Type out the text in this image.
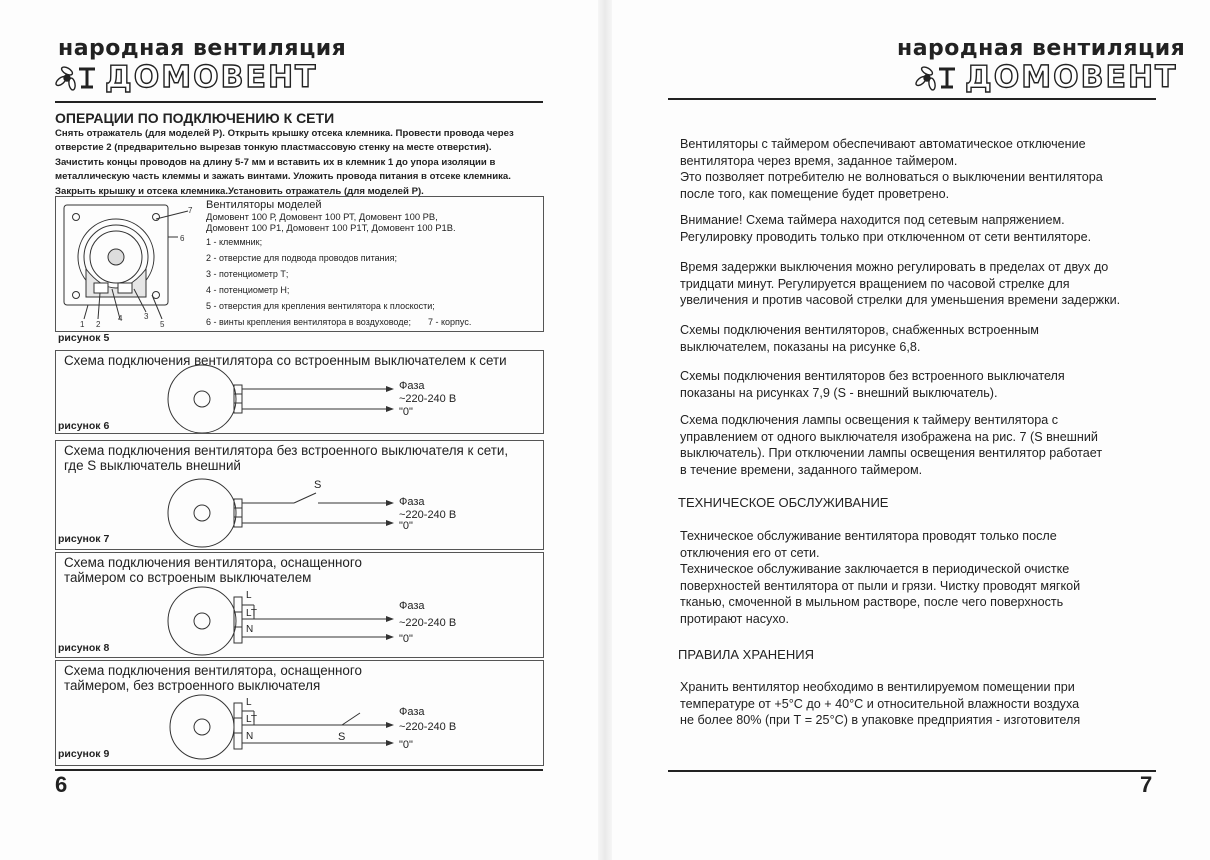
народная вентиляция
ДОМОВЕНТ
ОПЕРАЦИИ ПО ПОДКЛЮЧЕНИЮ К СЕТИ
Снять отражатель (для моделей Р). Открыть крышку отсека клемника. Провести провода через
отверстие 2 (предварительно вырезав тонкую пластмассовую стенку на месте отверстия).
Зачистить концы проводов на длину 5-7 мм и вставить их в клемник 1 до упора изоляции в
металлическую часть клеммы и зажать винтами. Уложить провода питания в отсеке клемника.
Закрыть крышку и отсека клемника.Установить отражатель (для моделей Р).
6
7
1 2
4	3
5
Вентиляторы моделей
Домовент 100 Р, Домовент 100 РТ, Домовент 100 РВ,
Домовент 100 Р1, Домовент 100 Р1Т, Домовент 100 Р1В.
1 - клеммник;
2 - отверстие для подвода проводов питания;
3 - потенциометр Т;
4 - потенциометр Н;
5 - отверстия для крепления вентилятора к плоскости;
6 - винты крепления вентилятора в воздуховоде; 7 - корпус.
рисунок 5
Схема подключения вентилятора со встроенным выключателем к сети
Фаза
~220-240 В
"0"
рисунок 6
Схема подключения вентилятора без встроенного выключателя к сети,
где S выключатель внешний
S
Фаза
~220-240 В
"0"
рисунок 7
Схема подключения вентилятора, оснащенного
таймером со встроеным выключателем
L
LT
N
Фаза
~220-240 В
"0"
рисунок 8
Схема подключения вентилятора, оснащенного
таймером, без встроенного выключателя
L
LT
N	S
Фаза
~220-240 В
"0"
рисунок 9
6
народная вентиляция
ДОМОВЕНТ
Вентиляторы с таймером обеспечивают автоматическое отключение
вентилятора через время, заданное таймером.
Это позволяет потребителю не волноваться о выключении вентилятора
после того, как помещение будет проветрено.
Внимание! Схема таймера находится под сетевым напряжением.
Регулировку проводить только при отключенном от сети вентиляторе.
Время задержки выключения можно регулировать в пределах от двух до
тридцати минут. Регулируется вращением по часовой стрелке для
увеличения и против часовой стрелки для уменьшения времени задержки.
Схемы подключения вентиляторов, снабженных встроенным
выключателем, показаны на рисунке 6,8.
Схемы подключения вентиляторов без встроенного выключателя
показаны на рисунках 7,9 (S - внешний выключатель).
Схема подключения лампы освещения к таймеру вентилятора с
управлением от одного выключателя изображена на рис. 7 (S внешний
выключатель). При отключении лампы освещения вентилятор работает
в течение времени, заданного таймером.
ТЕХНИЧЕСКОЕ ОБСЛУЖИВАНИЕ
Техническое обслуживание вентилятора проводят только после
отключения его от сети.
Техническое обслуживание заключается в периодической очистке
поверхностей вентилятора от пыли и грязи. Чистку проводят мягкой
тканью, смоченной в мыльном растворе, после чего поверхность
протирают насухо.
ПРАВИЛА ХРАНЕНИЯ
Хранить вентилятор необходимо в вентилируемом помещении при
температуре от +5°С до + 40°С и относительной влажности воздуха
не более 80% (при Т = 25°С) в упаковке предприятия - изготовителя
7
